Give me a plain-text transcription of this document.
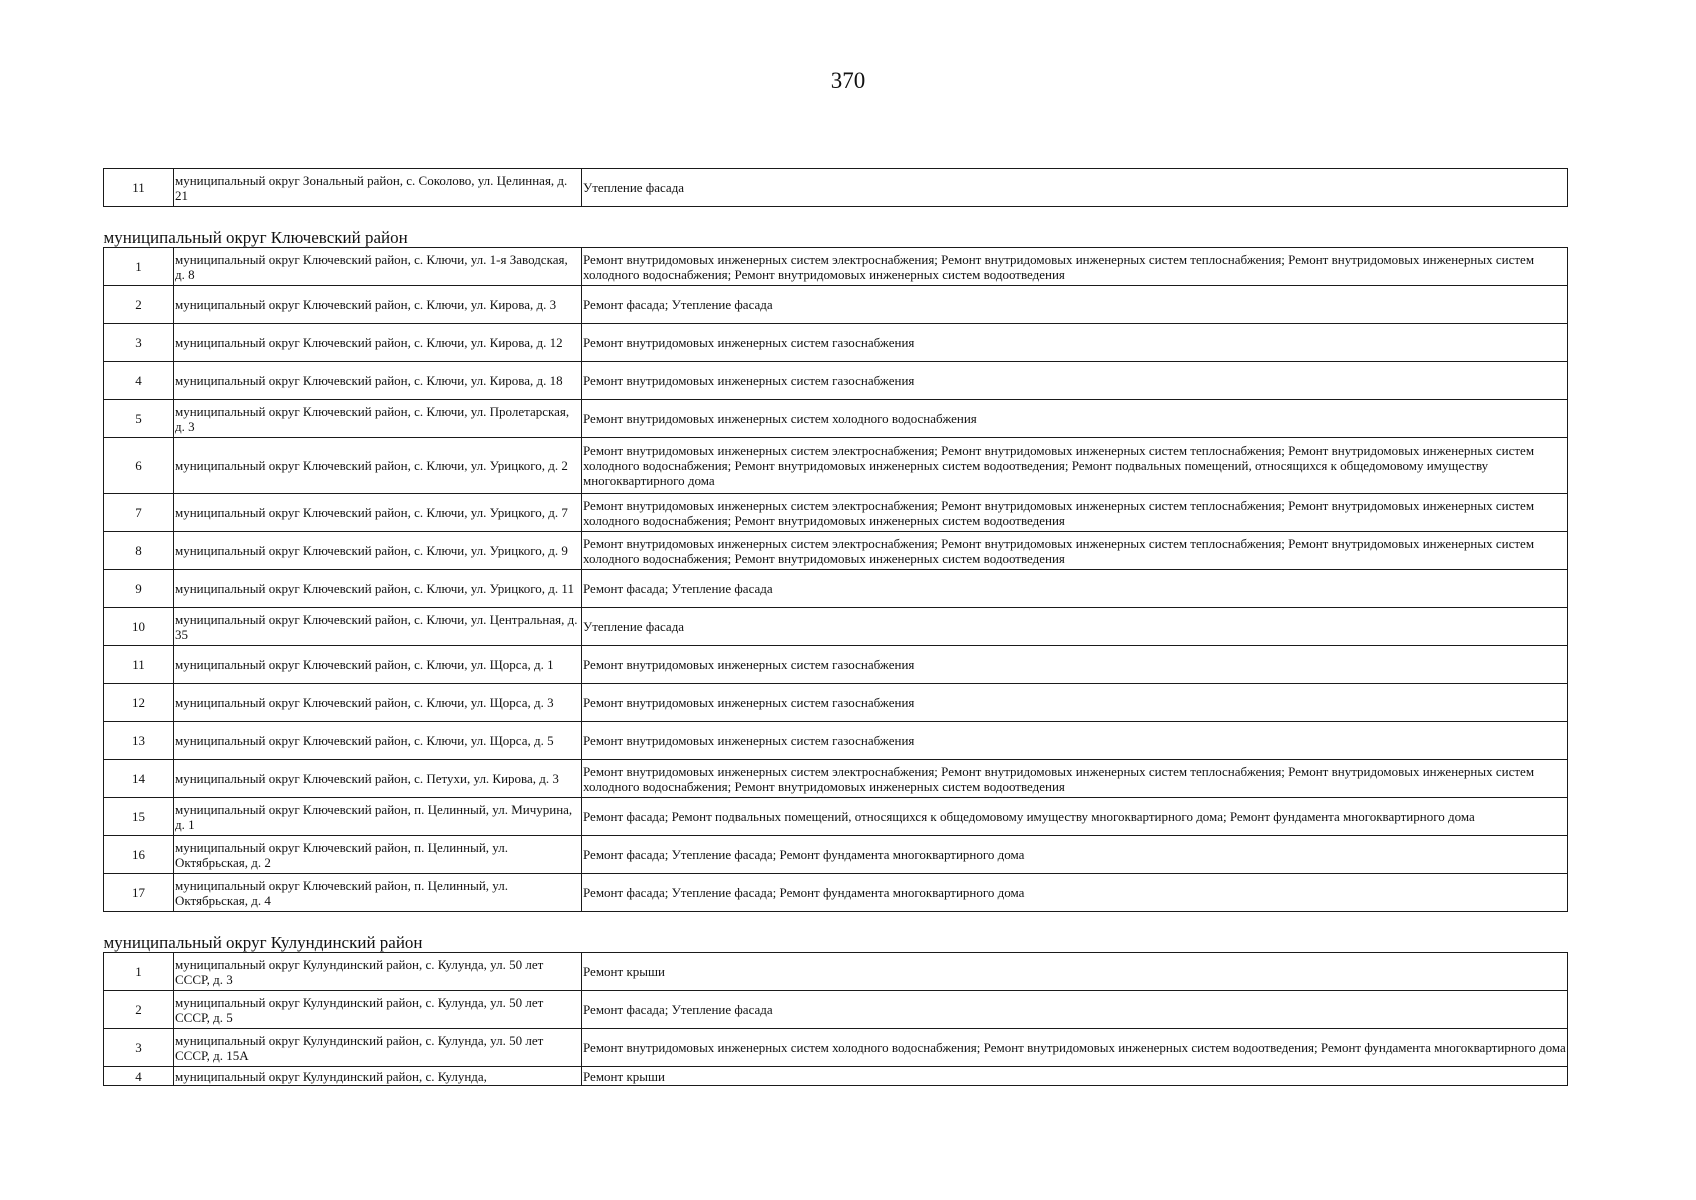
370
11	муниципальный округ Зональный район, с. Соколово, ул. Целинная, д. 21	Утепление фасада
муниципальный округ Ключевский район		
1	муниципальный округ Ключевский район, с. Ключи, ул. 1-я Заводская, д. 8	Ремонт внутридомовых инженерных систем электроснабжения; Ремонт внутридомовых инженерных систем теплоснабжения; Ремонт внутридомовых инженерных систем холодного водоснабжения; Ремонт внутридомовых инженерных систем водоотведения
2	муниципальный округ Ключевский район, с. Ключи, ул. Кирова, д. 3	Ремонт фасада; Утепление фасада
3	муниципальный округ Ключевский район, с. Ключи, ул. Кирова, д. 12	Ремонт внутридомовых инженерных систем газоснабжения
4	муниципальный округ Ключевский район, с. Ключи, ул. Кирова, д. 18	Ремонт внутридомовых инженерных систем газоснабжения
5	муниципальный округ Ключевский район, с. Ключи, ул. Пролетарская, д. 3	Ремонт внутридомовых инженерных систем холодного водоснабжения
6	муниципальный округ Ключевский район, с. Ключи, ул. Урицкого, д. 2	Ремонт внутридомовых инженерных систем электроснабжения; Ремонт внутридомовых инженерных систем теплоснабжения; Ремонт внутридомовых инженерных систем холодного водоснабжения; Ремонт внутридомовых инженерных систем водоотведения; Ремонт подвальных помещений, относящихся к общедомовому имуществу многоквартирного дома
7	муниципальный округ Ключевский район, с. Ключи, ул. Урицкого, д. 7	Ремонт внутридомовых инженерных систем электроснабжения; Ремонт внутридомовых инженерных систем теплоснабжения; Ремонт внутридомовых инженерных систем холодного водоснабжения; Ремонт внутридомовых инженерных систем водоотведения
8	муниципальный округ Ключевский район, с. Ключи, ул. Урицкого, д. 9	Ремонт внутридомовых инженерных систем электроснабжения; Ремонт внутридомовых инженерных систем теплоснабжения; Ремонт внутридомовых инженерных систем холодного водоснабжения; Ремонт внутридомовых инженерных систем водоотведения
9	муниципальный округ Ключевский район, с. Ключи, ул. Урицкого, д. 11	Ремонт фасада; Утепление фасада
10	муниципальный округ Ключевский район, с. Ключи, ул. Центральная, д. 35	Утепление фасада
11	муниципальный округ Ключевский район, с. Ключи, ул. Щорса, д. 1	Ремонт внутридомовых инженерных систем газоснабжения
12	муниципальный округ Ключевский район, с. Ключи, ул. Щорса, д. 3	Ремонт внутридомовых инженерных систем газоснабжения
13	муниципальный округ Ключевский район, с. Ключи, ул. Щорса, д. 5	Ремонт внутридомовых инженерных систем газоснабжения
14	муниципальный округ Ключевский район, с. Петухи, ул. Кирова, д. 3	Ремонт внутридомовых инженерных систем электроснабжения; Ремонт внутридомовых инженерных систем теплоснабжения; Ремонт внутридомовых инженерных систем холодного водоснабжения; Ремонт внутридомовых инженерных систем водоотведения
15	муниципальный округ Ключевский район, п. Целинный, ул. Мичурина, д. 1	Ремонт фасада; Ремонт подвальных помещений, относящихся к общедомовому имуществу многоквартирного дома; Ремонт фундамента многоквартирного дома
16	муниципальный округ Ключевский район, п. Целинный, ул. Октябрьская, д. 2	Ремонт фасада; Утепление фасада; Ремонт фундамента многоквартирного дома
17	муниципальный округ Ключевский район, п. Целинный, ул. Октябрьская, д. 4	Ремонт фасада; Утепление фасада; Ремонт фундамента многоквартирного дома
муниципальный округ Кулундинский район		
1	муниципальный округ Кулундинский район, с. Кулунда, ул. 50 лет СССР, д. 3	Ремонт крыши
2	муниципальный округ Кулундинский район, с. Кулунда, ул. 50 лет СССР, д. 5	Ремонт фасада; Утепление фасада
3	муниципальный округ Кулундинский район, с. Кулунда, ул. 50 лет СССР, д. 15А	Ремонт внутридомовых инженерных систем холодного водоснабжения; Ремонт внутридомовых инженерных систем водоотведения; Ремонт фундамента многоквартирного дома
4	муниципальный округ Кулундинский район, с. Кулунда,	Ремонт крыши
